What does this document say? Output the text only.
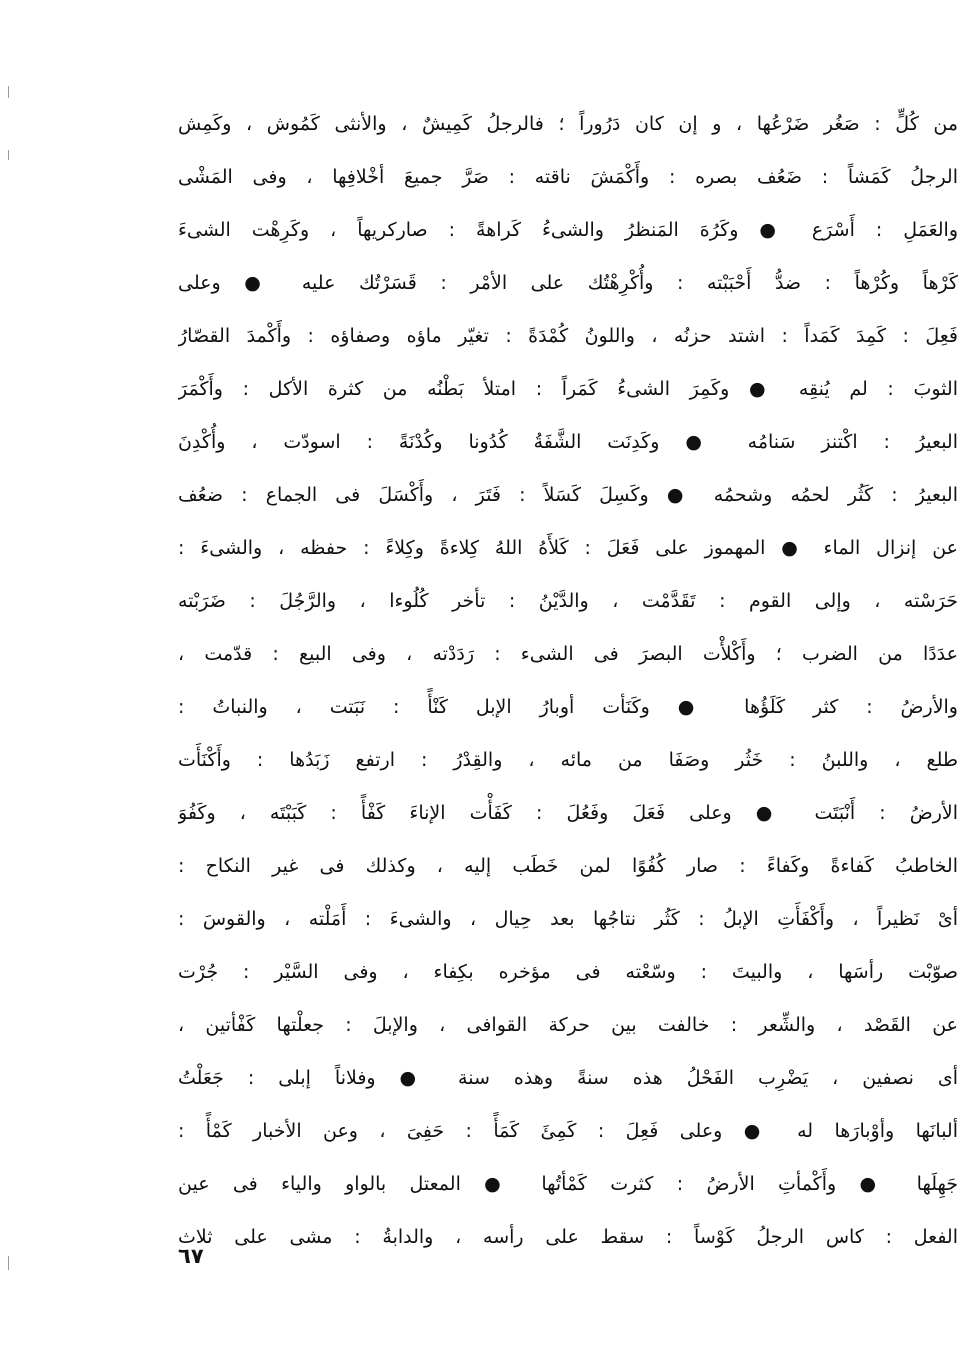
من كُلٍّ : صَغُر ضَرْعُها ، و إن كان دَرُوراً ؛ فالرجلُ كَمِيشٌ ، والأنثى كَمُوش ، وكَمِش
الرجلُ كَمَشاً : ضَعُف بصره : وأَكْمَشَ ناقته : صَرَّ جميعَ أخْلافِها ، وفى المَشْى
والعَمَلِ : أَسْرَع ● وكَرُهَ المَنظرُ والشىءُ كَراهةً : صاركريهاً ، وكَرِهْت الشىءَ
كَرْهاً وكُرْهاً : ضدُّ أَحْبَبْته : وأُكْرِهْتُك على الأمْر : قَسَرْتُك عليه ● وعلى
فَعِلَ : كَمِدَ كَمَداً : اشتد حزنُه ، واللونُ كُمْدَةً : تغيّر ماؤه وصفاؤه : وأَكْمدَ القصّارُ
الثوبَ : لم يُنقِه ● وكَمِرَ الشىءُ كَمَراً : امتلأ بَطْنُه من كثرة الأكل : وأَكْمَرَ
البعيرُ : اكْتنز سَنامُه ● وكَدِنَت الشَّفَةُ كُدُونا وكُدْنَةً : اسودّت ، وأُكْدِنَ
البعيرُ : كَثُر لحمُه وشحمُه ● وكَسِلَ كَسَلاً : فَتَرَ ، وأَكْسَلَ فى الجماع : ضعُف
عن إنزال الماء ● المهموز على فَعَلَ : كَلأَهُ اللهُ كِلاءةً وكِلاءً : حفظه ، والشىءَ :
حَرَسْته ، وإلى القوم : تَقَدَّمْت ، والدَّيْنُ : تأخر كُلُوءا ، والرَّجُلَ : ضَرَبْته
عدَدًا من الضرب ؛ وأَكْلأْت البصرَ فى الشىء : رَدَدْته ، وفى البيع : قدّمت ،
والأرضُ : كثر كَلَؤُها ● وكَنَأت أوبارُ الإبل كَنْأً : نَبَتت ، والنباتُ :
طلع ، واللبنُ : خَثُر وصَفَا من مائه ، والقِدْرُ : ارتفع زَبَدُها : وأَكْنَأَت
الأرضُ : أَنْبَتَت ● وعلى فَعَلَ وفَعُلَ : كَفَأْت الإناءَ كَفْأً : كَبَبْتَه ، وكَفُوَ
الخاطبُ كَفاءةً وكَفاءً : صار كُفُوًا لمن خَطَب إليه ، وكذلك فى غير النكاح :
أىْ نَظيراً ، وأَكْفَأَتِ الإبلُ : كَثُر نتاجُها بعد حِيال ، والشىءَ : أَمَلْته ، والقوسَ :
صوّبْت رأسَها ، والبيتَ : وسّعْته فى مؤخره بكِفاء ، وفى السَّيْر : جُرْت
عن القَصْد ، والشِّعر : خالفت بين حركة القوافى ، والإبلَ : جعلْتها كَفْأتين ،
أى نصفين ، يَضْرِب الفَحْلُ هذه سنةً وهذه سنة ● وفلاناً إبلى : جَعَلْتُ
ألبانَها وأوْبارَها له ● وعلى فَعِلَ : كَمِئَ كَمَأً : حَفِىَ ، وعن الأخبار كَمْأً :
جَهِلَها ● وأَكْمأتِ الأرضُ : كثرت كَمْأتُها ● المعتل بالواو والياء فى عين
الفعل : كاس الرجلُ كَوْساً : سقط على رأسه ، والدابةُ : مشى على ثلاث
٦٧
